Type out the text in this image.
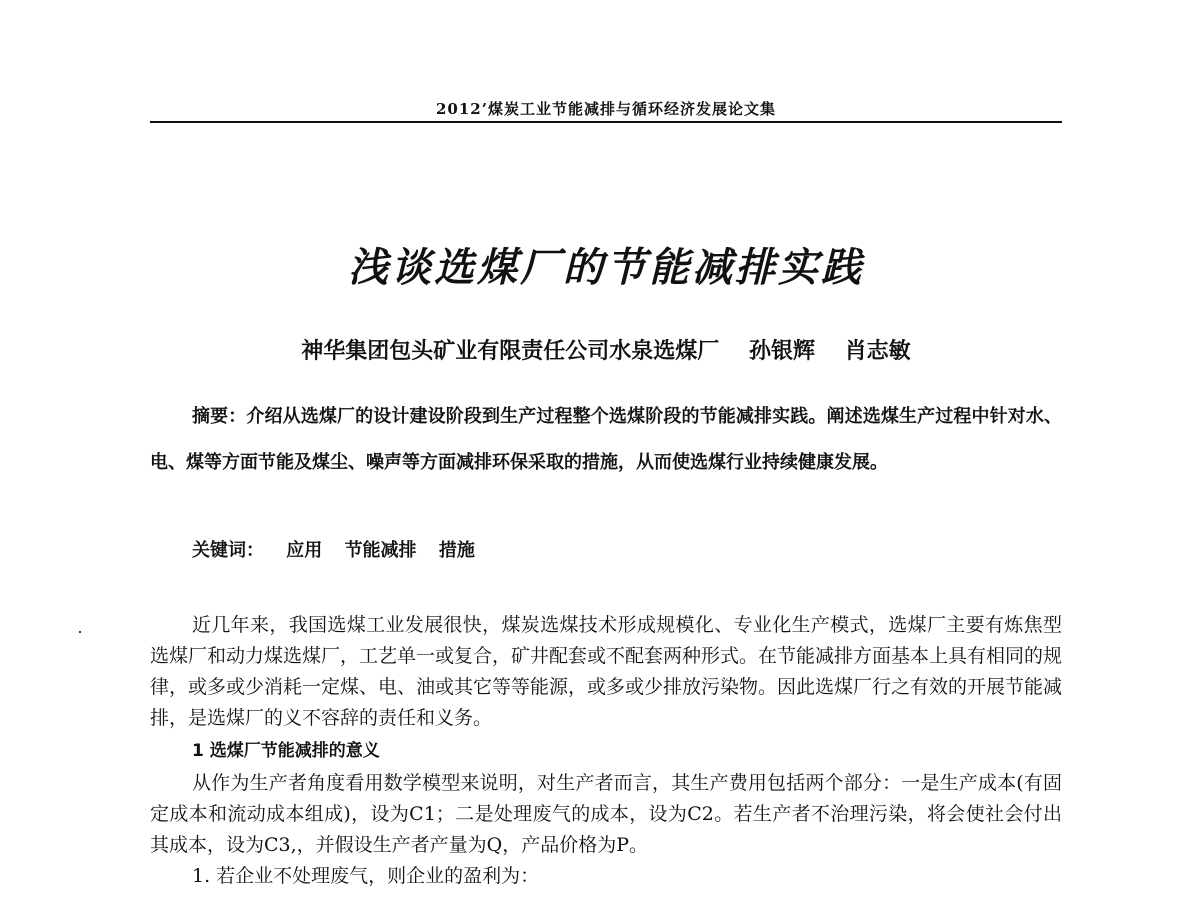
2012’煤炭工业节能减排与循环经济发展论文集
浅谈选煤厂的节能减排实践
神华集团包头矿业有限责任公司水泉选煤厂 孙银辉 肖志敏
摘要：介绍从选煤厂的设计建设阶段到生产过程整个选煤阶段的节能减排实践。阐述选煤生产过程中针对水、电、煤等方面节能及煤尘、噪声等方面减排环保采取的措施，从而使选煤行业持续健康发展。
关键词： 应用 节能减排 措施

近几年来，我国选煤工业发展很快，煤炭选煤技术形成规模化、专业化生产模式，选煤厂主要有炼焦型选煤厂和动力煤选煤厂，工艺单一或复合，矿井配套或不配套两种形式。在节能减排方面基本上具有相同的规律，或多或少消耗一定煤、电、油或其它等等能源，或多或少排放污染物。因此选煤厂行之有效的开展节能减排，是选煤厂的义不容辞的责任和义务。

1 选煤厂节能减排的意义

从作为生产者角度看用数学模型来说明，对生产者而言，其生产费用包括两个部分：一是生产成本(有固定成本和流动成本组成)，设为C1；二是处理废气的成本，设为C2。若生产者不治理污染，将会使社会付出其成本，设为C3,，并假设生产者产量为Q，产品价格为P。

1. 若企业不处理废气，则企业的盈利为：
